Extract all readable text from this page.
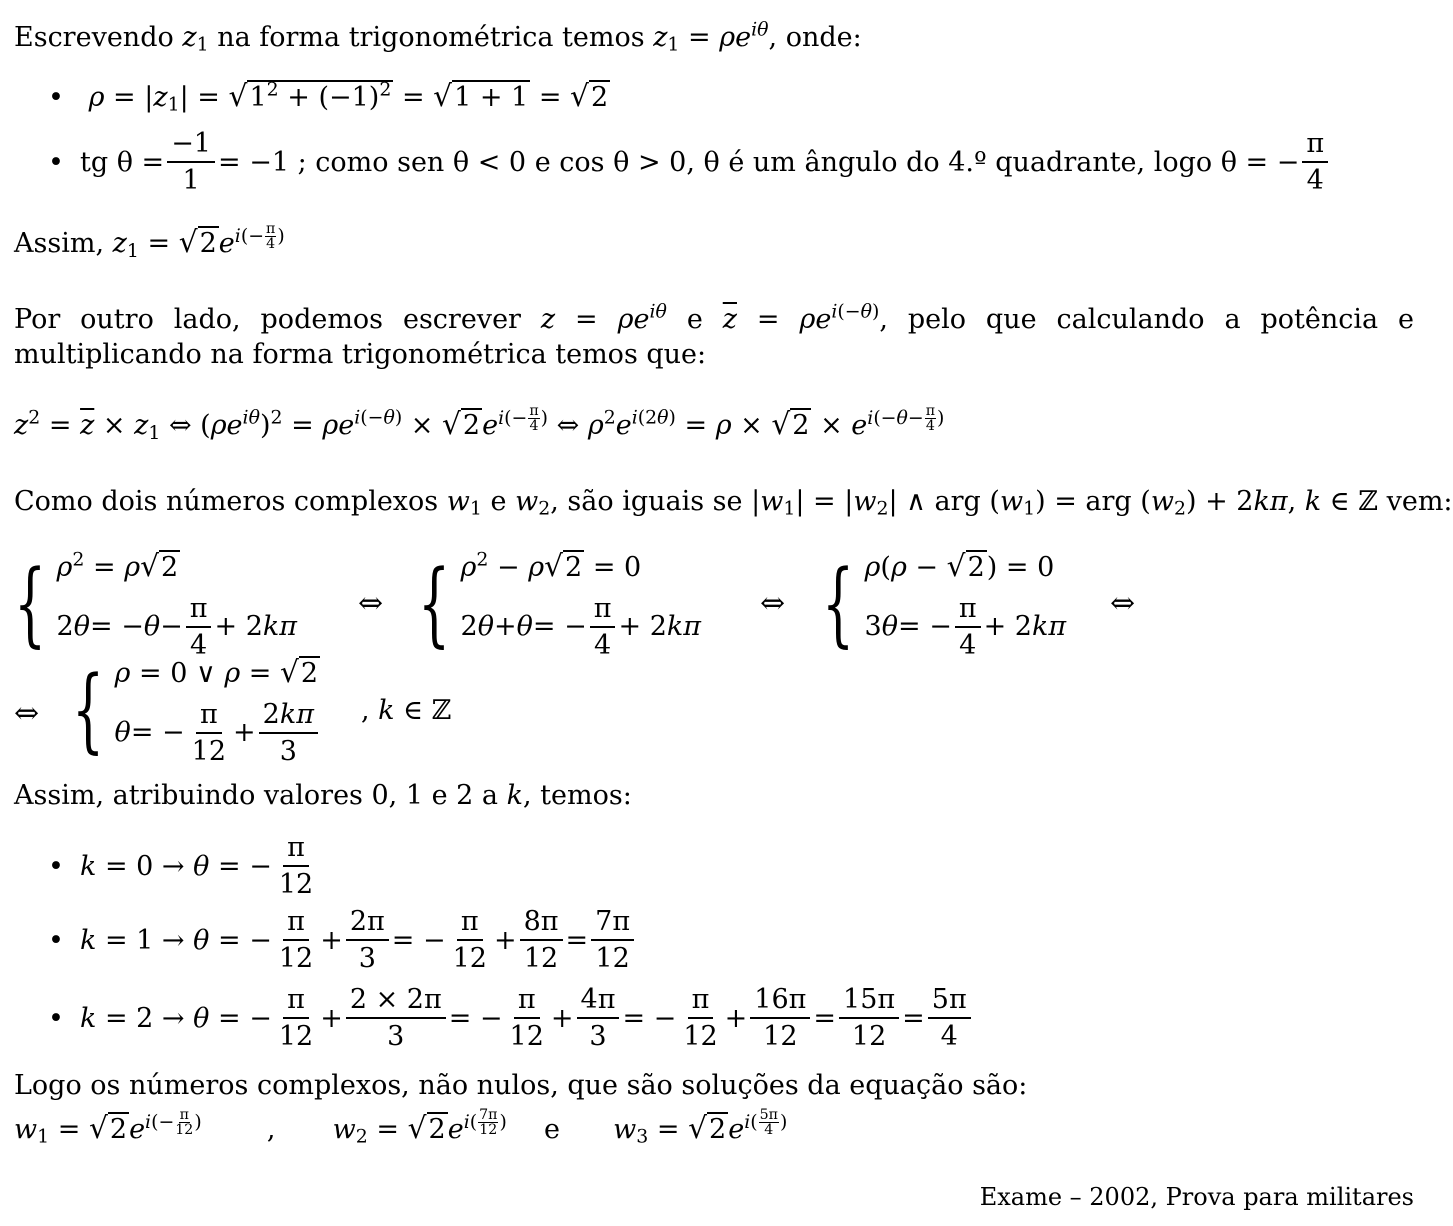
Escrevendo $z_1$ na forma trigonométrica temos $z_1 = \rho e^{i\theta}$, onde:
• $\rho = |z_1| = √1^2 + (-1)^2 = √1 + 1 = √2$
• tg $\theta = \frac{-1}{1} = -1$ ; como sen θ < 0
e
cos θ > 0, θ é um ângulo do 4.º quadrante, logo θ = − $\frac{\pi}{4}$
Assim, $z_1 = √2e^{i(- \frac{\pi}{4} )}$
Por outro lado, podemos escrever $z = \rho e^{i\theta}$ e $\overline{z} = \rho e^{i(-\theta)}$, pelo que calculando a potência e multiplicando na forma trigonométrica temos que:
$z^2 = \overline{z} \times z_1$ ⇔ $(\rho e^{i\theta})^2 = \rho e^{i(-\theta)} \times √2e^{i(- \frac{\pi}{4} )}$ ⇔ $\rho^2e^{i(2\theta)} = \rho \times √2 \times e^{i(-\theta- \frac{\pi}{4} )}$
Como dois números complexos $w_1$ e $w_2$, são iguais se $|w_1| = |w_2|$ ∧ arg $(w_1)$ = arg $(w_2) + 2k\pi$, k ∈ ℤ vem:
{ $\rho^2 = \rho√2$
2 θ = − $\theta - \frac{\pi}{4} + 2$ kπ
⇔ { $\rho^2 - \rho√2 = 0$
2 θ + θ = − $\frac{\pi}{4} + 2$ kπ
⇔ { ρ(ρ − √2) = 0
3 θ = − $\frac{\pi}{4} + 2$ kπ
⇔
⇔ { ρ = 0 ∨ ρ = √2
θ = − $\frac{\pi}{12} + \frac{2k\pi}{3}$ , k ∈ ℤ
Assim, atribuindo valores 0, 1 e 2 a k, temos:
• k = 0 → θ = − $\frac{\pi}{12}$
• k = 1 → θ = − $\frac{\pi}{12} + \frac{2\pi}{3}$ = − $\frac{\pi}{12} + \frac{8\pi}{12} = \frac{7\pi}{12}$
• k = 2 → θ = − $\frac{\pi}{12} + \frac{2 \times 2\pi}{3}$ = − $\frac{\pi}{12} + \frac{4\pi}{3}$ = − $\frac{\pi}{12} + \frac{16\pi}{12} = \frac{15\pi}{12} = \frac{5\pi}{4}$
Logo os números complexos, não nulos, que são soluções da equação são:
$w_1 = √2e^{i(- \frac{\pi}{12} )}$ , $w_2 = √2e^{i( \frac{7\pi}{12} )}$ e $w_3 = √2e^{i( \frac{5\pi}{4} )}$
Exame – 2002, Prova para militares
